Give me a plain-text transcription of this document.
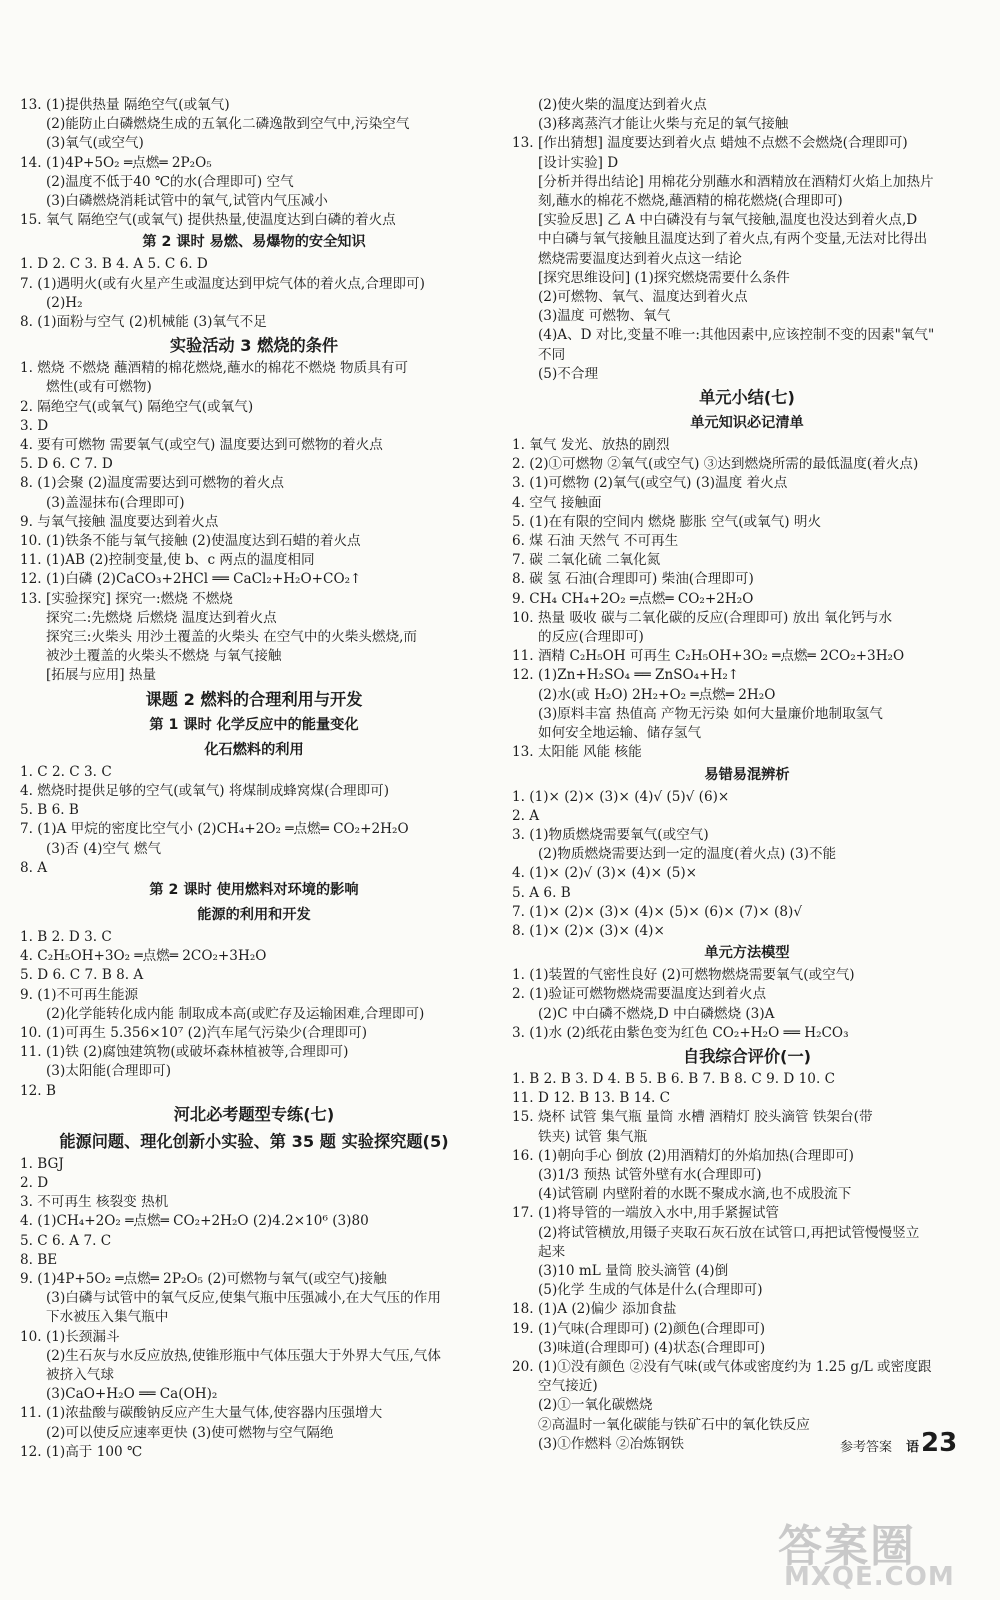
13. (1)提供热量 隔绝空气(或氧气)
(2)能防止白磷燃烧生成的五氧化二磷逸散到空气中,污染空气
(3)氧气(或空气)
14. (1)4P+5O₂ ═点燃═ 2P₂O₅
(2)温度不低于40 ℃的水(合理即可) 空气
(3)白磷燃烧消耗试管中的氧气,试管内气压减小
15. 氧气 隔绝空气(或氧气) 提供热量,使温度达到白磷的着火点
第 2 课时 易燃、易爆物的安全知识
1. D 2. C 3. B 4. A 5. C 6. D
7. (1)遇明火(或有火星产生或温度达到甲烷气体的着火点,合理即可)
(2)H₂
8. (1)面粉与空气 (2)机械能 (3)氧气不足
实验活动 3 燃烧的条件
1. 燃烧 不燃烧 蘸酒精的棉花燃烧,蘸水的棉花不燃烧 物质具有可
燃性(或有可燃物)
2. 隔绝空气(或氧气) 隔绝空气(或氧气)
3. D
4. 要有可燃物 需要氧气(或空气) 温度要达到可燃物的着火点
5. D 6. C 7. D
8. (1)会聚 (2)温度需要达到可燃物的着火点
(3)盖湿抹布(合理即可)
9. 与氧气接触 温度要达到着火点
10. (1)铁条不能与氧气接触 (2)使温度达到石蜡的着火点
11. (1)AB (2)控制变量,使 b、c 两点的温度相同
12. (1)白磷 (2)CaCO₃+2HCl ══ CaCl₂+H₂O+CO₂↑
13. [实验探究] 探究一:燃烧 不燃烧
探究二:先燃烧 后燃烧 温度达到着火点
探究三:火柴头 用沙土覆盖的火柴头 在空气中的火柴头燃烧,而
被沙土覆盖的火柴头不燃烧 与氧气接触
[拓展与应用] 热量
课题 2 燃料的合理利用与开发
第 1 课时 化学反应中的能量变化
化石燃料的利用
1. C 2. C 3. C
4. 燃烧时提供足够的空气(或氧气) 将煤制成蜂窝煤(合理即可)
5. B 6. B
7. (1)A 甲烷的密度比空气小 (2)CH₄+2O₂ ═点燃═ CO₂+2H₂O
(3)否 (4)空气 燃气
8. A
第 2 课时 使用燃料对环境的影响
能源的利用和开发
1. B 2. D 3. C
4. C₂H₅OH+3O₂ ═点燃═ 2CO₂+3H₂O
5. D 6. C 7. B 8. A
9. (1)不可再生能源
(2)化学能转化成内能 制取成本高(或贮存及运输困难,合理即可)
10. (1)可再生 5.356×10⁷ (2)汽车尾气污染少(合理即可)
11. (1)铁 (2)腐蚀建筑物(或破坏森林植被等,合理即可)
(3)太阳能(合理即可)
12. B
河北必考题型专练(七)
能源问题、理化创新小实验、第 35 题 实验探究题(5)
1. BGJ
2. D
3. 不可再生 核裂变 热机
4. (1)CH₄+2O₂ ═点燃═ CO₂+2H₂O (2)4.2×10⁶ (3)80
5. C 6. A 7. C
8. BE
9. (1)4P+5O₂ ═点燃═ 2P₂O₅ (2)可燃物与氧气(或空气)接触
(3)白磷与试管中的氧气反应,使集气瓶中压强减小,在大气压的作用
下水被压入集气瓶中
10. (1)长颈漏斗
(2)生石灰与水反应放热,使锥形瓶中气体压强大于外界大气压,气体
被挤入气球
(3)CaO+H₂O ══ Ca(OH)₂
11. (1)浓盐酸与碳酸钠反应产生大量气体,使容器内压强增大
(2)可以使反应速率更快 (3)使可燃物与空气隔绝
12. (1)高于 100 ℃
(2)使火柴的温度达到着火点
(3)移离蒸汽才能让火柴与充足的氧气接触
13. [作出猜想] 温度要达到着火点 蜡烛不点燃不会燃烧(合理即可)
[设计实验] D
[分析并得出结论] 用棉花分别蘸水和酒精放在酒精灯火焰上加热片
刻,蘸水的棉花不燃烧,蘸酒精的棉花燃烧(合理即可)
[实验反思] 乙 A 中白磷没有与氧气接触,温度也没达到着火点,D
中白磷与氧气接触且温度达到了着火点,有两个变量,无法对比得出
燃烧需要温度达到着火点这一结论
[探究思维设问] (1)探究燃烧需要什么条件
(2)可燃物、氧气、温度达到着火点
(3)温度 可燃物、氧气
(4)A、D 对比,变量不唯一:其他因素中,应该控制不变的因素"氧气"
不同
(5)不合理
单元小结(七)
单元知识必记清单
1. 氧气 发光、放热的剧烈
2. (2)①可燃物 ②氧气(或空气) ③达到燃烧所需的最低温度(着火点)
3. (1)可燃物 (2)氧气(或空气) (3)温度 着火点
4. 空气 接触面
5. (1)在有限的空间内 燃烧 膨胀 空气(或氧气) 明火
6. 煤 石油 天然气 不可再生
7. 碳 二氧化硫 二氧化氮
8. 碳 氢 石油(合理即可) 柴油(合理即可)
9. CH₄ CH₄+2O₂ ═点燃═ CO₂+2H₂O
10. 热量 吸收 碳与二氧化碳的反应(合理即可) 放出 氧化钙与水
的反应(合理即可)
11. 酒精 C₂H₅OH 可再生 C₂H₅OH+3O₂ ═点燃═ 2CO₂+3H₂O
12. (1)Zn+H₂SO₄ ══ ZnSO₄+H₂↑
(2)水(或 H₂O) 2H₂+O₂ ═点燃═ 2H₂O
(3)原料丰富 热值高 产物无污染 如何大量廉价地制取氢气
如何安全地运输、储存氢气
13. 太阳能 风能 核能
易错易混辨析
1. (1)× (2)× (3)× (4)√ (5)√ (6)×
2. A
3. (1)物质燃烧需要氧气(或空气)
(2)物质燃烧需要达到一定的温度(着火点) (3)不能
4. (1)× (2)√ (3)× (4)× (5)×
5. A 6. B
7. (1)× (2)× (3)× (4)× (5)× (6)× (7)× (8)√
8. (1)× (2)× (3)× (4)×
单元方法模型
1. (1)装置的气密性良好 (2)可燃物燃烧需要氧气(或空气)
2. (1)验证可燃物燃烧需要温度达到着火点
(2)C 中白磷不燃烧,D 中白磷燃烧 (3)A
3. (1)水 (2)纸花由紫色变为红色 CO₂+H₂O ══ H₂CO₃
自我综合评价(一)
1. B 2. B 3. D 4. B 5. B 6. B 7. B 8. C 9. D 10. C
11. D 12. B 13. B 14. C
15. 烧杯 试管 集气瓶 量筒 水槽 酒精灯 胶头滴管 铁架台(带
铁夹) 试管 集气瓶
16. (1)朝向手心 倒放 (2)用酒精灯的外焰加热(合理即可)
(3)1/3 预热 试管外壁有水(合理即可)
(4)试管刷 内壁附着的水既不聚成水滴,也不成股流下
17. (1)将导管的一端放入水中,用手紧握试管
(2)将试管横放,用镊子夹取石灰石放在试管口,再把试管慢慢竖立
起来
(3)10 mL 量筒 胶头滴管 (4)倒
(5)化学 生成的气体是什么(合理即可)
18. (1)A (2)偏少 添加食盐
19. (1)气味(合理即可) (2)颜色(合理即可)
(3)味道(合理即可) (4)状态(合理即可)
20. (1)①没有颜色 ②没有气味(或气体或密度约为 1.25 g/L 或密度跟
空气接近)
(2)①一氧化碳燃烧
②高温时一氧化碳能与铁矿石中的氧化铁反应
(3)①作燃料 ②冶炼钢铁	参考答案 语23
答案圈
MXQE.COM
